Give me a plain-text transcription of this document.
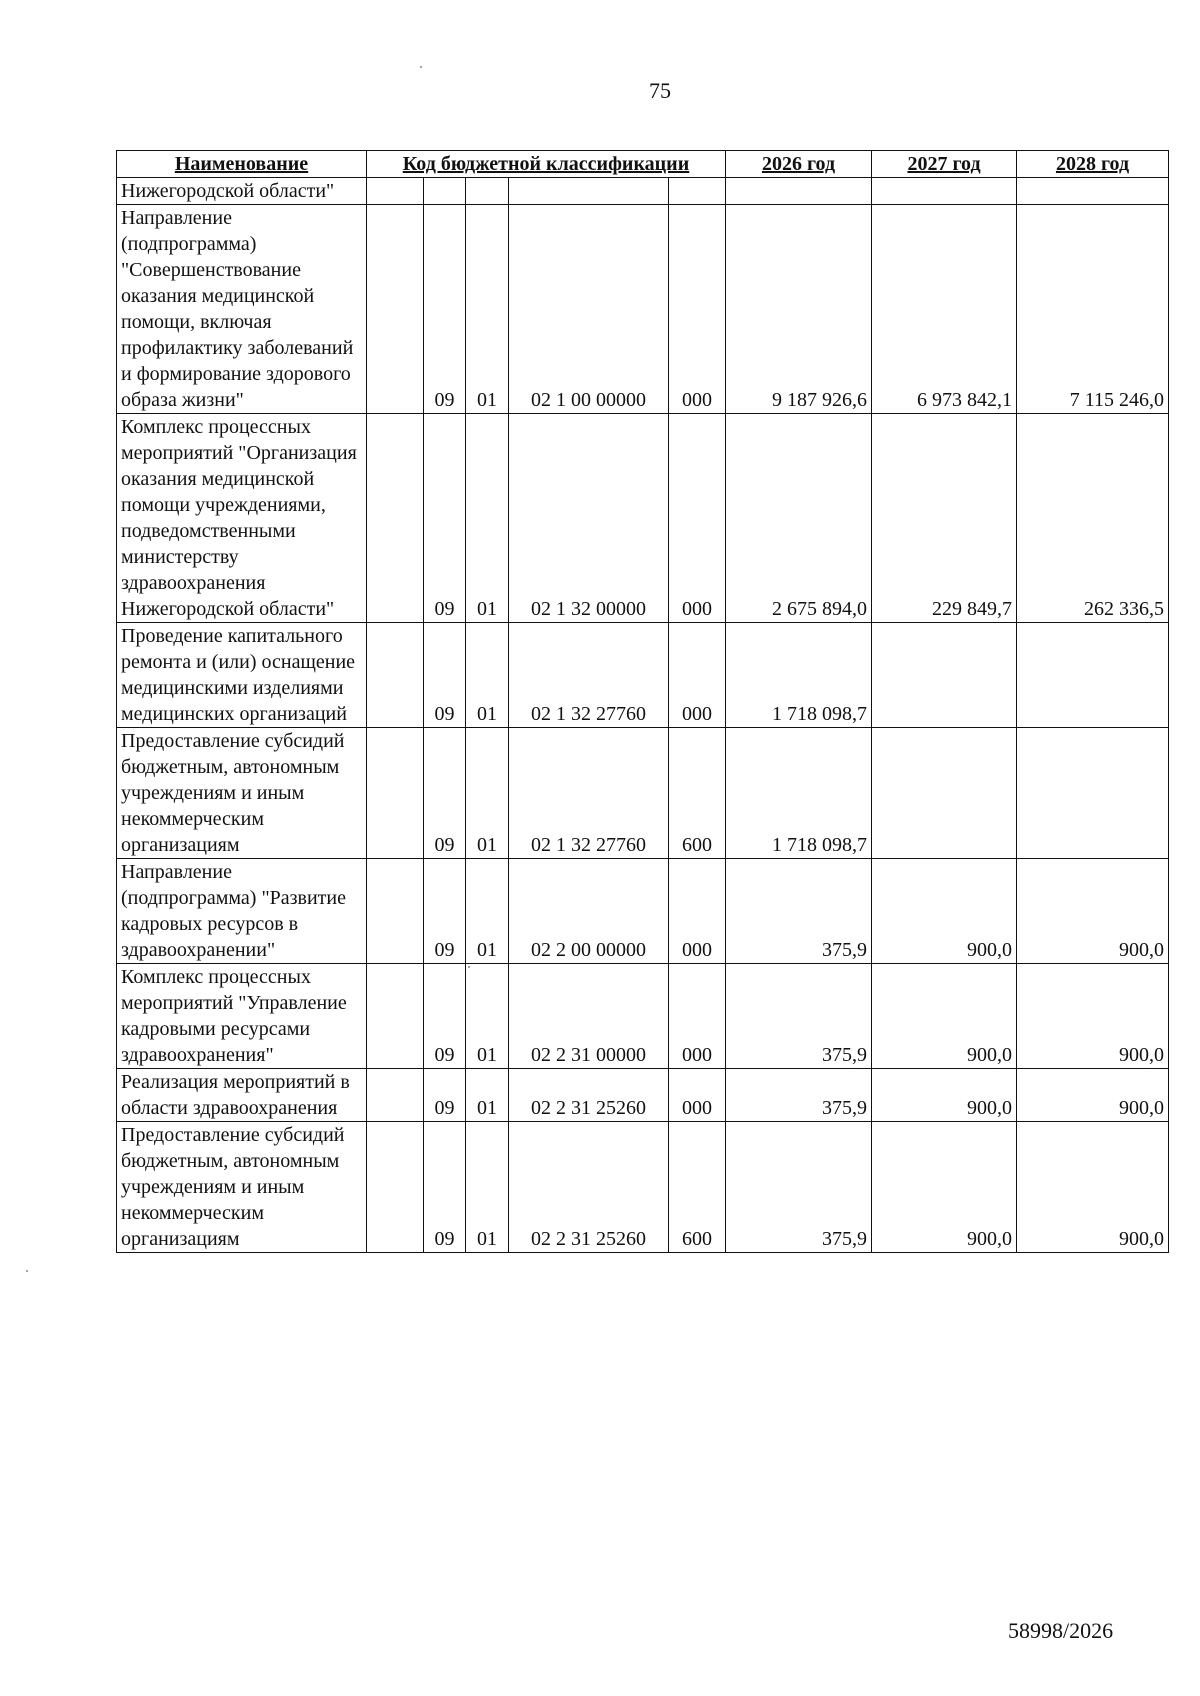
75
Наименование	Код бюджетной классификации					2026 год	2027 год	2028 год
Нижегородской области"								
Направление (подпрограмма) "Совершенствование оказания медицинской помощи, включая профилактику заболеваний и формирование здорового образа жизни"		09	01	02 1 00 00000	000	9 187 926,6	6 973 842,1	7 115 246,0
Комплекс процессных мероприятий "Организация оказания медицинской помощи учреждениями, подведомственными министерству здравоохранения Нижегородской области"		09	01	02 1 32 00000	000	2 675 894,0	229 849,7	262 336,5
Проведение капитального ремонта и (или) оснащение медицинскими изделиями медицинских организаций		09	01	02 1 32 27760	000	1 718 098,7		
Предоставление субсидий бюджетным, автономным учреждениям и иным некоммерческим организациям		09	01	02 1 32 27760	600	1 718 098,7		
Направление (подпрограмма) "Развитие кадровых ресурсов в здравоохранении"		09	01	02 2 00 00000	000	375,9	900,0	900,0
Комплекс процессных мероприятий "Управление кадровыми ресурсами здравоохранения"		09	01	02 2 31 00000	000	375,9	900,0	900,0
Реализация мероприятий в области здравоохранения		09	01	02 2 31 25260	000	375,9	900,0	900,0
Предоставление субсидий бюджетным, автономным учреждениям и иным некоммерческим организациям		09	01	02 2 31 25260	600	375,9	900,0	900,0
58998/2026
